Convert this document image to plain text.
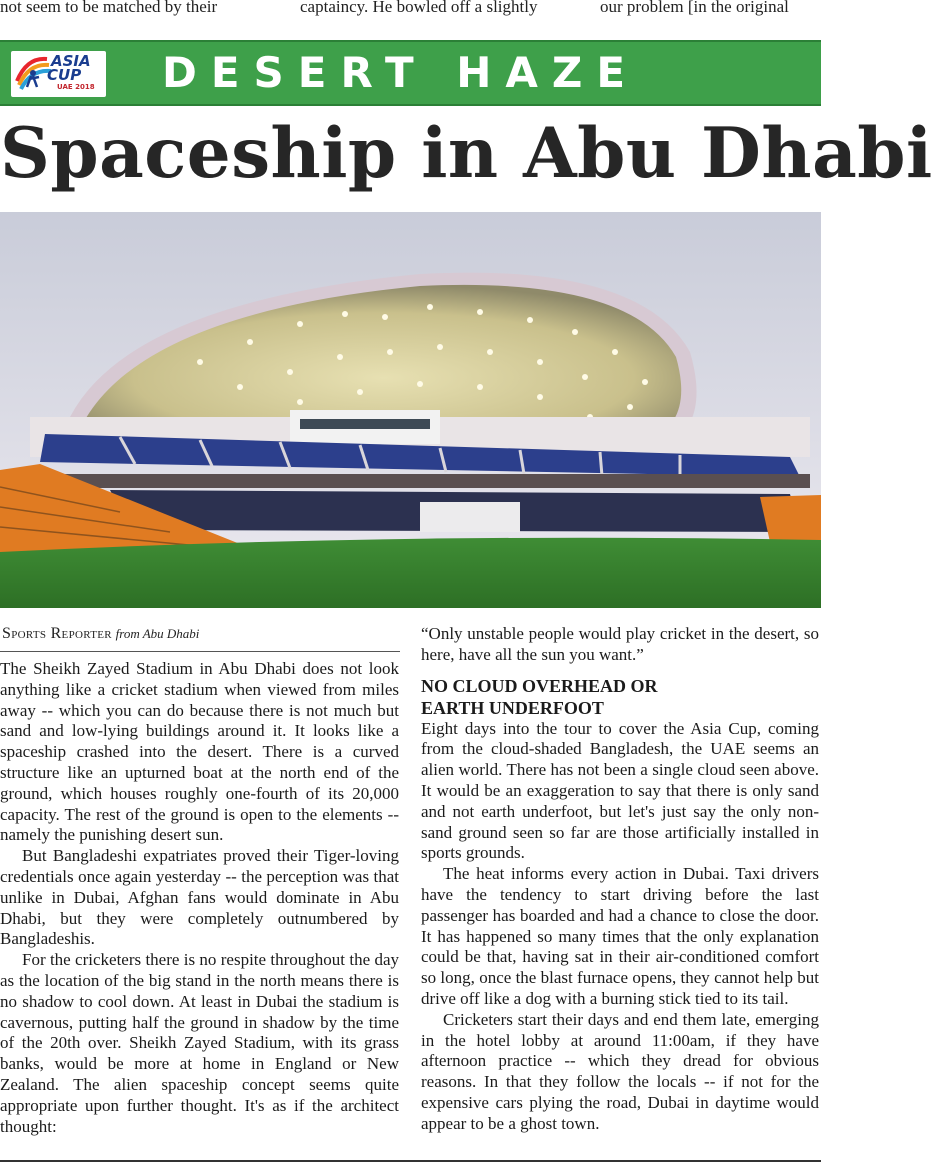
not seem to be matched by their	captaincy. He bowled off a slightly	our problem [in the original
ASIA
CUP
UAE 2018 DESERT HAZE
Spaceship in Abu Dhabi
Sports Reporter from Abu Dhabi

The Sheikh Zayed Stadium in Abu Dhabi does not look anything like a cricket stadium when viewed from miles away -- which you can do because there is not much but sand and low-lying buildings around it. It looks like a spaceship crashed into the desert. There is a curved structure like an upturned boat at the north end of the ground, which houses roughly one-fourth of its 20,000 capacity. The rest of the ground is open to the elements -- namely the punishing desert sun.

But Bangladeshi expatriates proved their Tiger-loving credentials once again yesterday -- the perception was that unlike in Dubai, Afghan fans would dominate in Abu Dhabi, but they were completely outnumbered by Bangladeshis.

For the cricketers there is no respite throughout the day as the location of the big stand in the north means there is no shadow to cool down. At least in Dubai the stadium is cavernous, putting half the ground in shadow by the time of the 20th over. Sheikh Zayed Stadium, with its grass banks, would be more at home in England or New Zealand. The alien spaceship concept seems quite appropriate upon further thought. It's as if the architect thought:

“Only unstable people would play cricket in the desert, so here, have all the sun you want.”

NO CLOUD OVERHEAD OR
EARTH UNDERFOOT

Eight days into the tour to cover the Asia Cup, coming from the cloud-shaded Bangladesh, the UAE seems an alien world. There has not been a single cloud seen above. It would be an exaggeration to say that there is only sand and not earth underfoot, but let's just say the only non-sand ground seen so far are those artificially installed in sports grounds.

The heat informs every action in Dubai. Taxi drivers have the tendency to start driving before the last passenger has boarded and had a chance to close the door. It has happened so many times that the only explanation could be that, having sat in their air-conditioned comfort so long, once the blast furnace opens, they cannot help but drive off like a dog with a burning stick tied to its tail.

Cricketers start their days and end them late, emerging in the hotel lobby at around 11:00am, if they have afternoon practice -- which they dread for obvious reasons. In that they follow the locals -- if not for the expensive cars plying the road, Dubai in daytime would appear to be a ghost town.
